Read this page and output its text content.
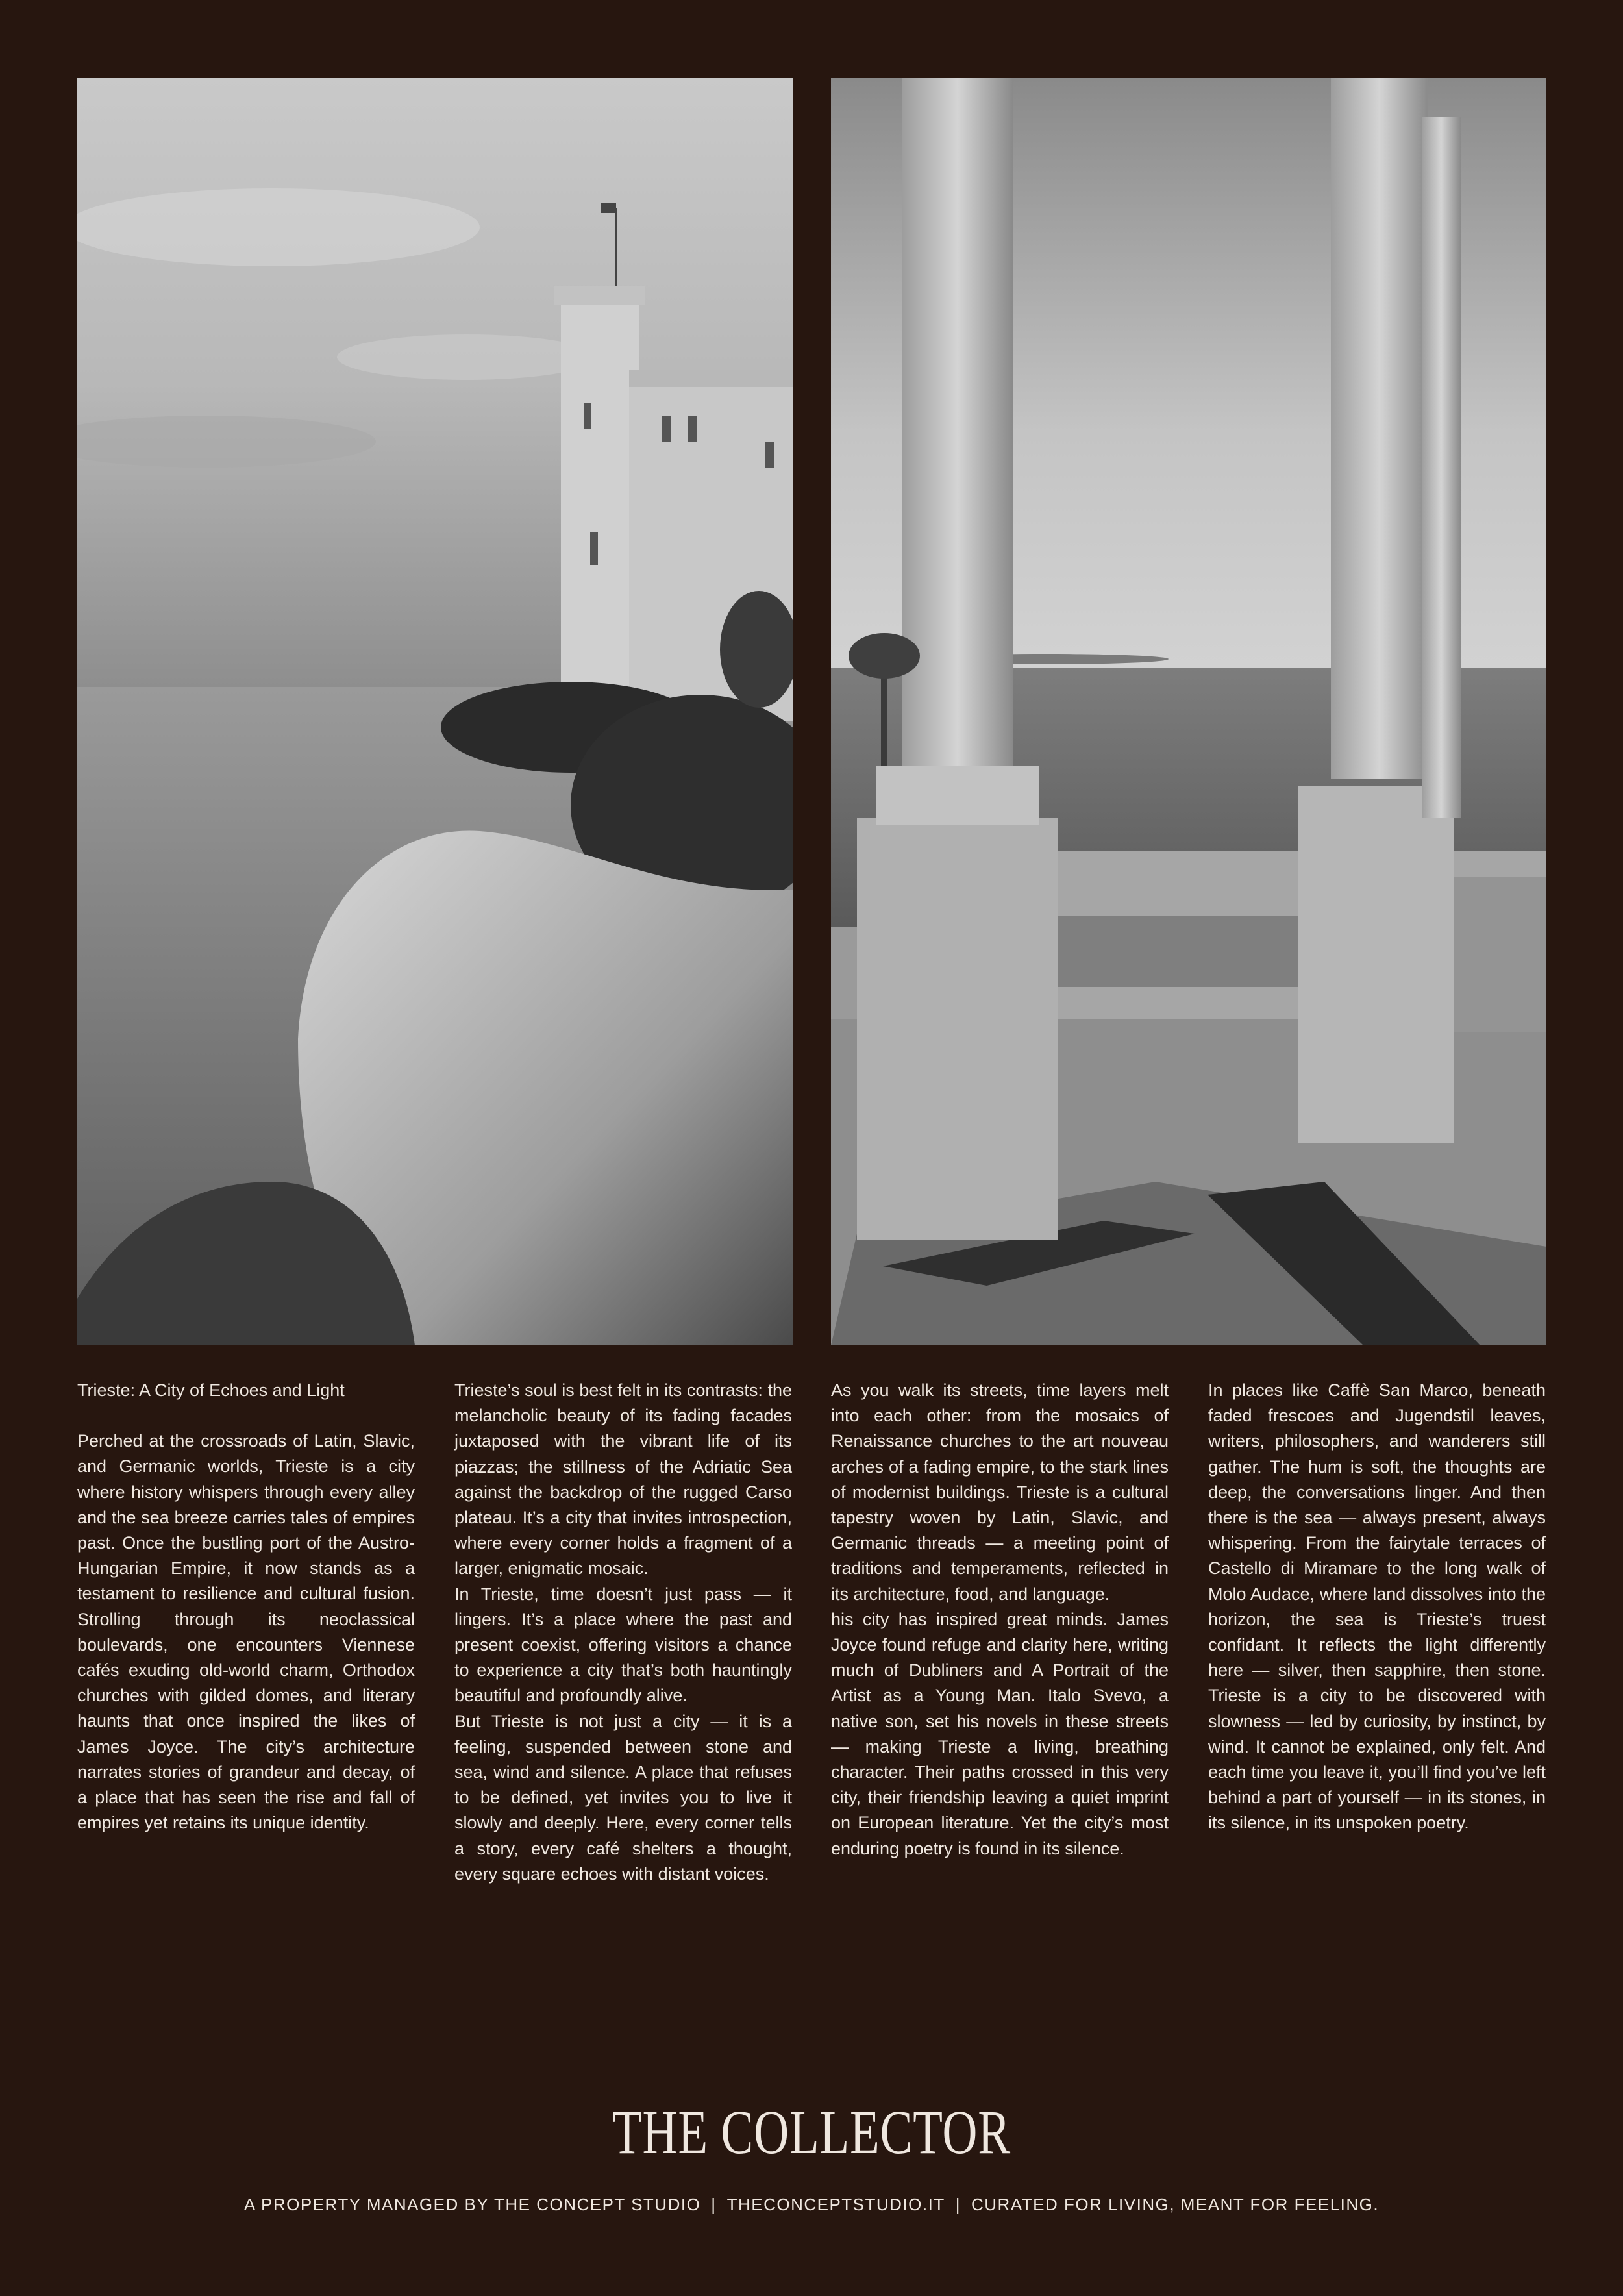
Trieste: A City of Echoes and Light

Perched at the crossroads of Latin, Slavic, and Germanic worlds, Trieste is a city where history whispers through every alley and the sea breeze carries tales of empires past. Once the bustling port of the Austro-Hungarian Empire, it now stands as a testament to resilience and cultural fusion. Strolling through its neoclassical boulevards, one encounters Viennese cafés exuding old-world charm, Orthodox churches with gilded domes, and literary haunts that once inspired the likes of James Joyce. The city’s architecture narrates stories of grandeur and decay, of a place that has seen the rise and fall of empires yet retains its unique identity.

Trieste’s soul is best felt in its contrasts: the melancholic beauty of its fading facades juxtaposed with the vibrant life of its piazzas; the stillness of the Adriatic Sea against the backdrop of the rugged Carso plateau. It’s a city that invites introspection, where every corner holds a fragment of a larger, enigmatic mosaic.

In Trieste, time doesn’t just pass — it lingers. It’s a place where the past and present coexist, offering visitors a chance to experience a city that’s both hauntingly beautiful and profoundly alive.

But Trieste is not just a city — it is a feeling, suspended between stone and sea, wind and silence. A place that refuses to be defined, yet invites you to live it slowly and deeply. Here, every corner tells a story, every café shelters a thought, every square echoes with distant voices.

As you walk its streets, time layers melt into each other: from the mosaics of Renaissance churches to the art nouveau arches of a fading empire, to the stark lines of modernist buildings. Trieste is a cultural tapestry woven by Latin, Slavic, and Germanic threads — a meeting point of traditions and temperaments, reflected in its architecture, food, and language.

his city has inspired great minds. James Joyce found refuge and clarity here, writing much of Dubliners and A Portrait of the Artist as a Young Man. Italo Svevo, a native son, set his novels in these streets — making Trieste a living, breathing character. Their paths crossed in this very city, their friendship leaving a quiet imprint on European literature. Yet the city’s most enduring poetry is found in its silence.

In places like Caffè San Marco, beneath faded frescoes and Jugendstil leaves, writers, philosophers, and wanderers still gather. The hum is soft, the thoughts are deep, the conversations linger. And then there is the sea — always present, always whispering. From the fairytale terraces of Castello di Miramare to the long walk of Molo Audace, where land dissolves into the horizon, the sea is Trieste’s truest confidant. It reflects the light differently here — silver, then sapphire, then stone. Trieste is a city to be discovered with slowness — led by curiosity, by instinct, by wind. It cannot be explained, only felt. And each time you leave it, you’ll find you’ve left behind a part of yourself — in its stones, in its silence, in its unspoken poetry.

THE COLLECTOR
A PROPERTY MANAGED BY THE CONCEPT STUDIO | THECONCEPTSTUDIO.IT | CURATED FOR LIVING, MEANT FOR FEELING.
